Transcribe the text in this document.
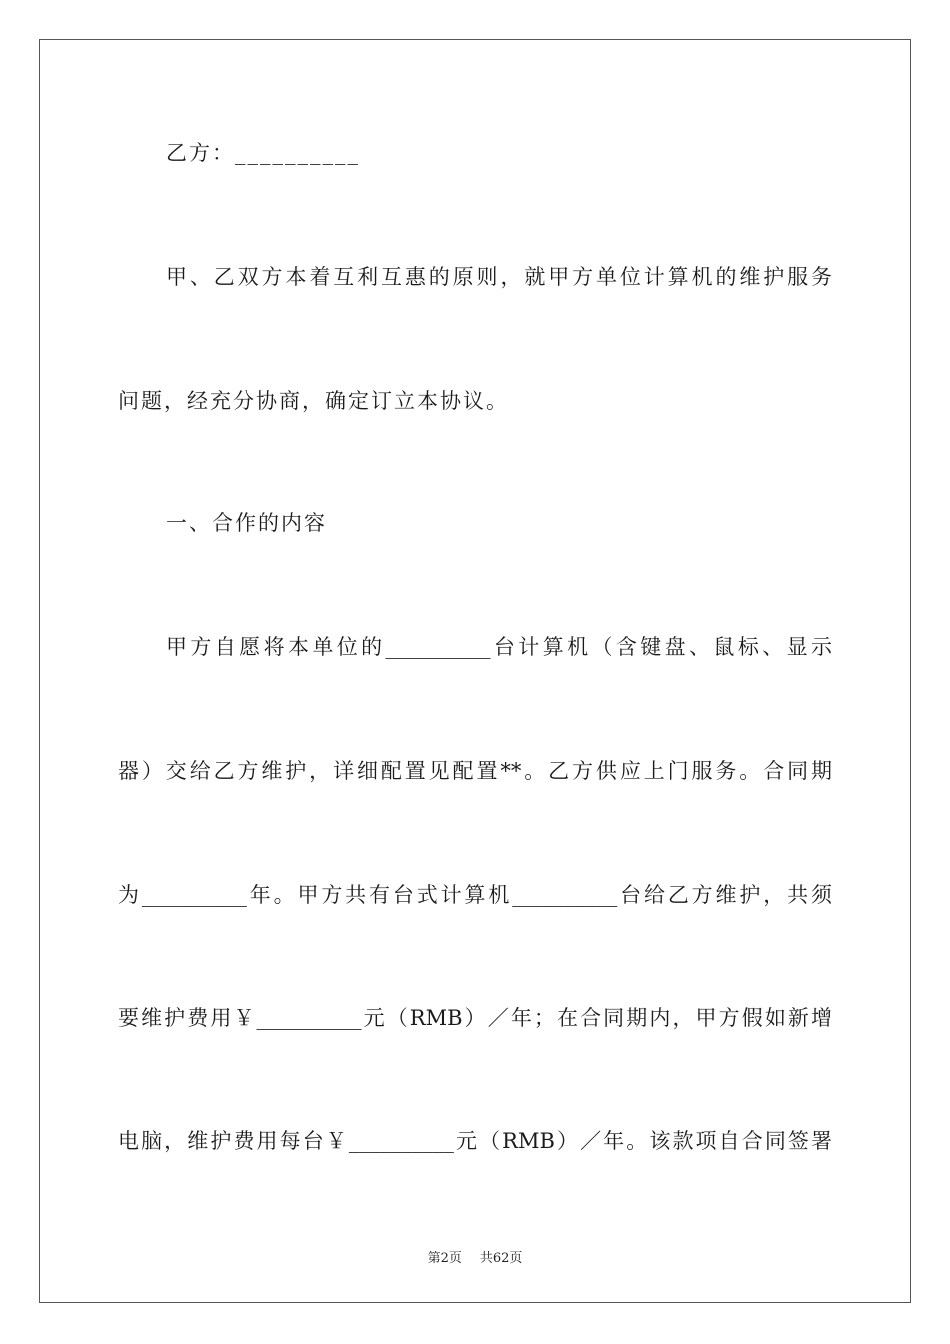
乙方：__________
甲、乙双方本着互利互惠的原则，就甲方单位计算机的维护服务
问题，经充分协商，确定订立本协议。
一、合作的内容
甲方自愿将本单位的__________台计算机（含键盘、鼠标、显示
器）交给乙方维护，详细配置见配置**。乙方供应上门服务。合同期
为__________年。甲方共有台式计算机__________台给乙方维护，共须
要维护费用￥__________元（RMB）／年；在合同期内，甲方假如新增
电脑，维护费用每台￥__________元（RMB）／年。该款项自合同签署
第2页 共62页
